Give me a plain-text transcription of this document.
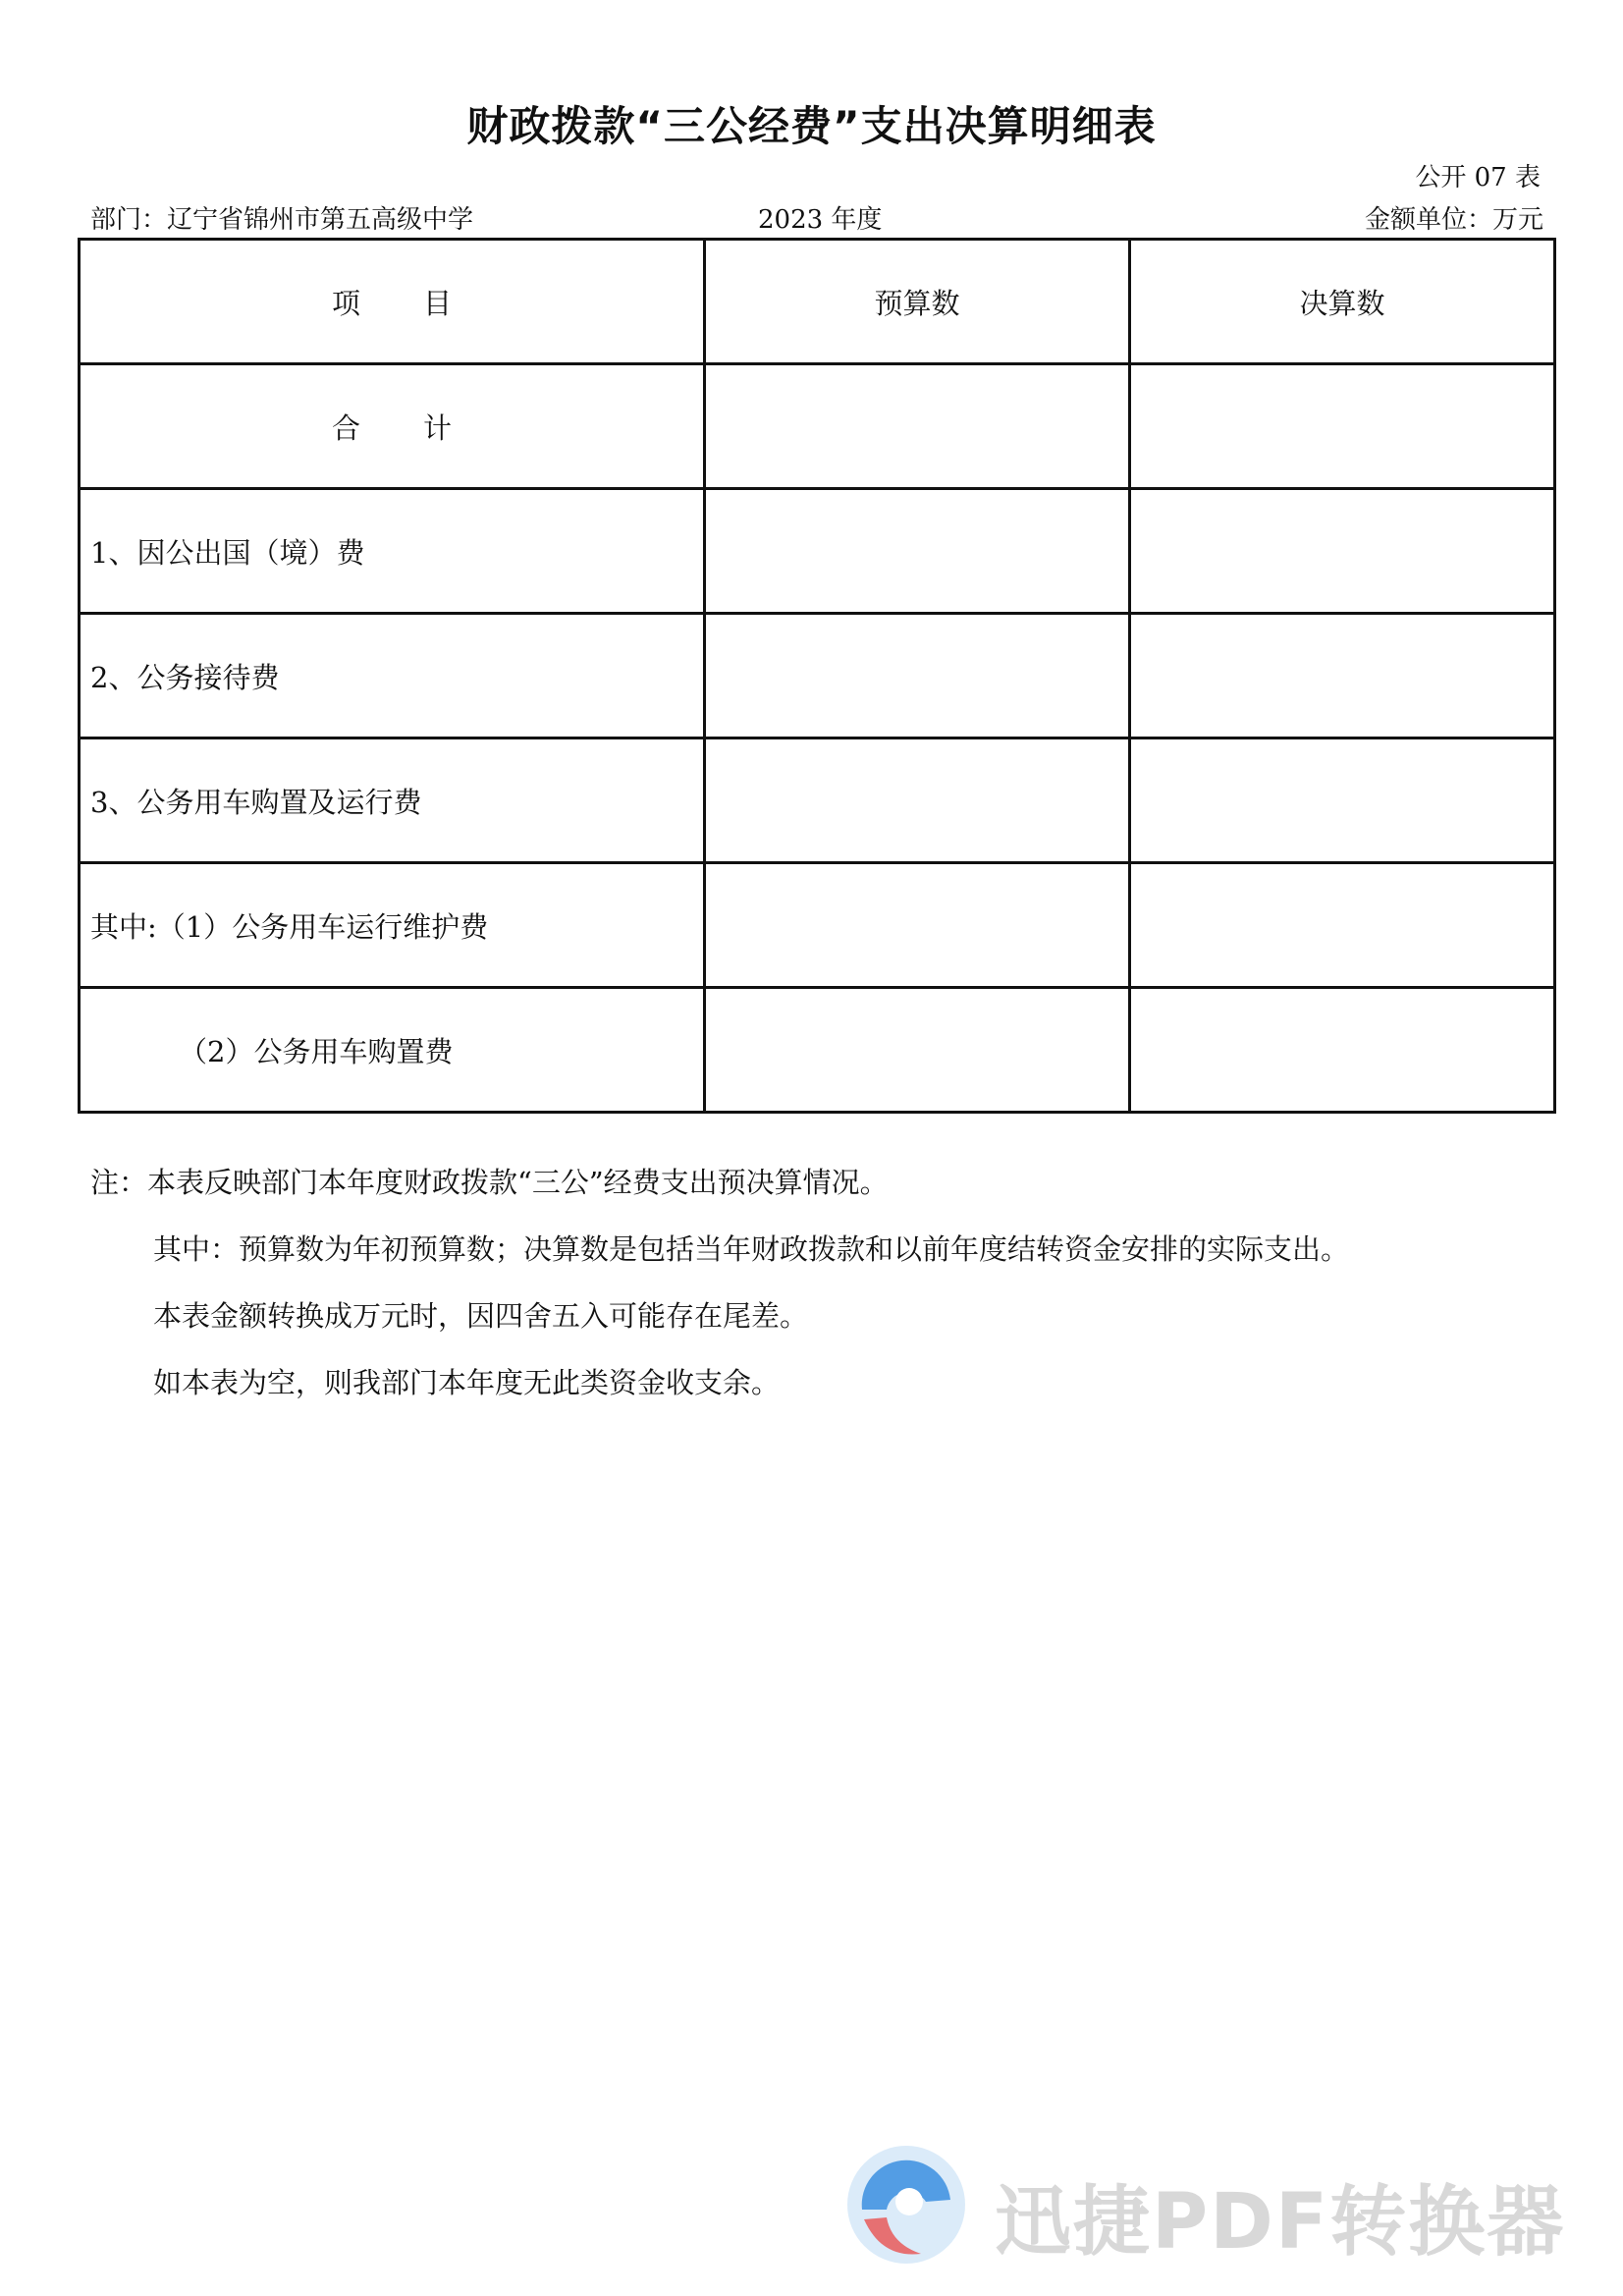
财政拨款“三公经费”支出决算明细表
公开 07 表
部门：辽宁省锦州市第五高级中学	2023 年度	金额单位：万元
项 目	预算数	决算数
合 计		
1、因公出国（境）费		
2、公务接待费		
3、公务用车购置及运行费		
其中:（1）公务用车运行维护费		
（2）公务用车购置费		
注：本表反映部门本年度财政拨款“三公”经费支出预决算情况。
其中：预算数为年初预算数；决算数是包括当年财政拨款和以前年度结转资金安排的实际支出。
本表金额转换成万元时，因四舍五入可能存在尾差。
如本表为空，则我部门本年度无此类资金收支余。
迅捷PDF转换器
